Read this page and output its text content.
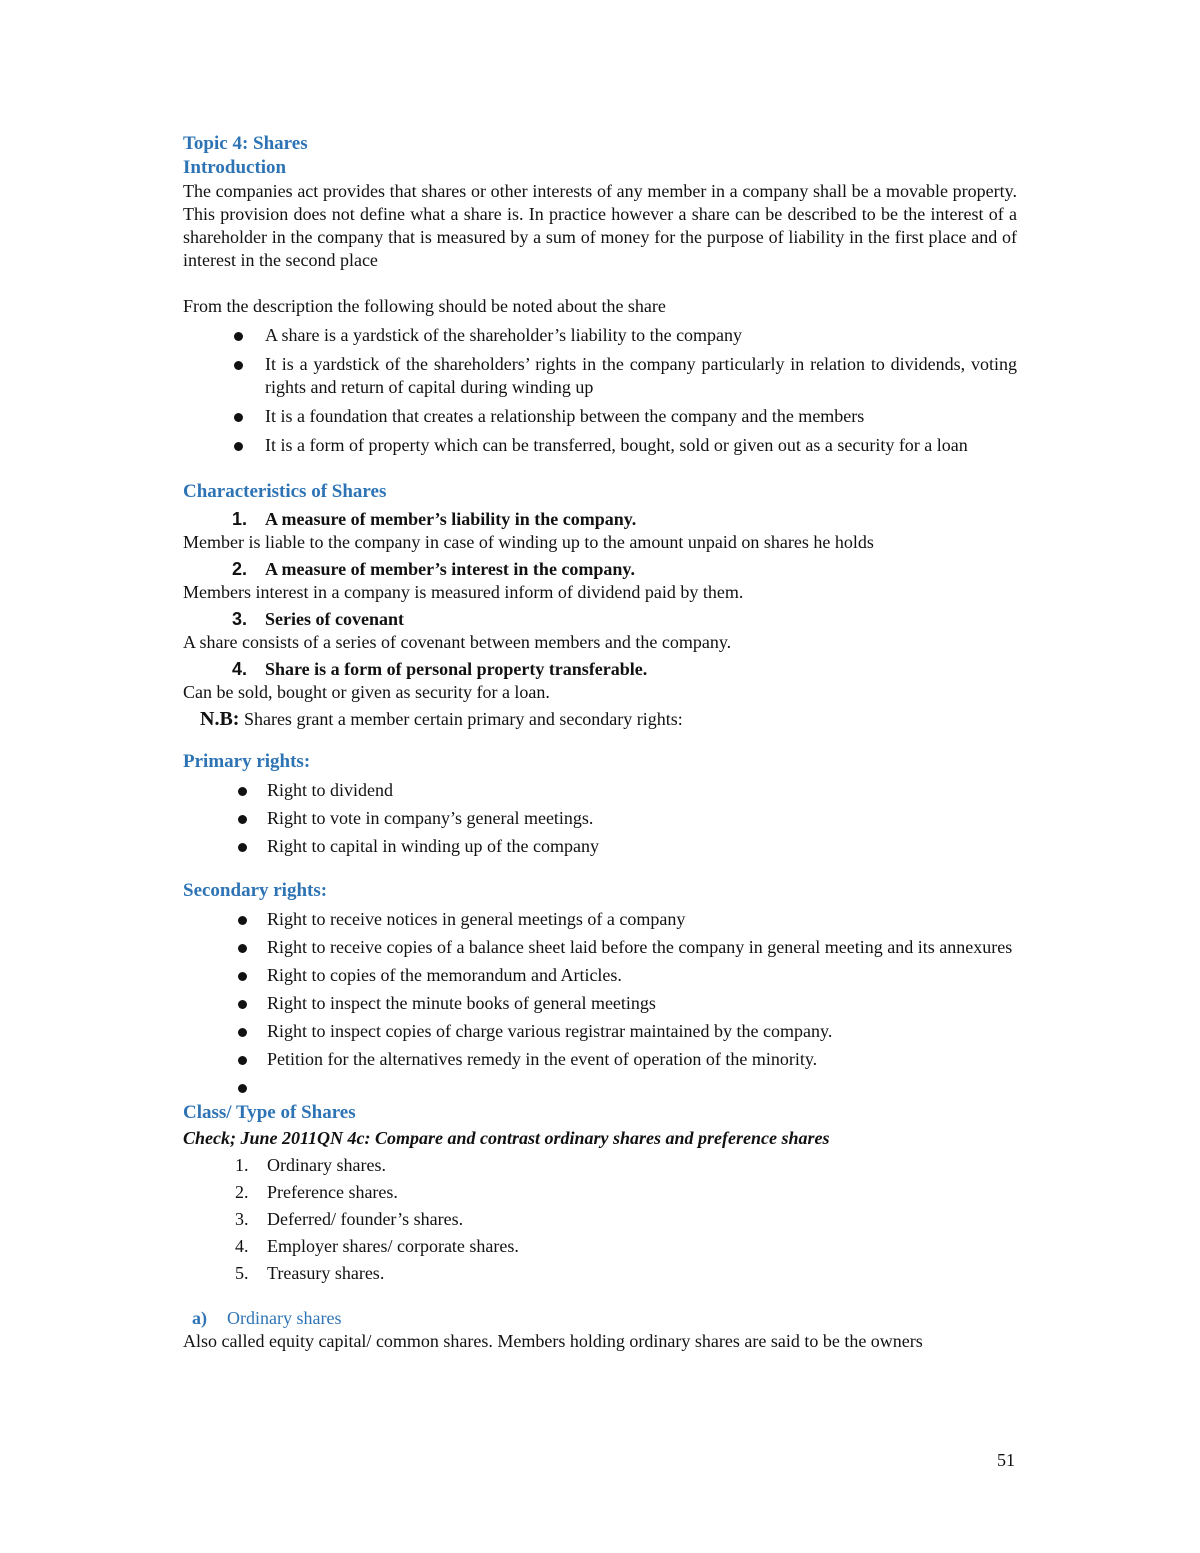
Topic 4: Shares
Introduction

The companies act provides that shares or other interests of any member in a company shall be a movable property. This provision does not define what a share is. In practice however a share can be described to be the interest of a shareholder in the company that is measured by a sum of money for the purpose of liability in the first place and of interest in the second place

From the description the following should be noted about the share

A share is a yardstick of the shareholder’s liability to the company
It is a yardstick of the shareholders’ rights in the company particularly in relation to dividends, voting rights and return of capital during winding up
It is a foundation that creates a relationship between the company and the members
It is a form of property which can be transferred, bought, sold or given out as a security for a loan
Characteristics of Shares
1. A measure of member’s liability in the company.

Member is liable to the company in case of winding up to the amount unpaid on shares he holds

2. A measure of member’s interest in the company.

Members interest in a company is measured inform of dividend paid by them.

3. Series of covenant

A share consists of a series of covenant between members and the company.

4. Share is a form of personal property transferable.

Can be sold, bought or given as security for a loan.

N.B: Shares grant a member certain primary and secondary rights:

Primary rights:
Right to dividend
Right to vote in company’s general meetings.
Right to capital in winding up of the company
Secondary rights:
Right to receive notices in general meetings of a company
Right to receive copies of a balance sheet laid before the company in general meeting and its annexures
Right to copies of the memorandum and Articles.
Right to inspect the minute books of general meetings
Right to inspect copies of charge various registrar maintained by the company.
Petition for the alternatives remedy in the event of operation of the minority.
Class/ Type of Shares

Check; June 2011QN 4c: Compare and contrast ordinary shares and preference shares

1. Ordinary shares.
2. Preference shares.
3. Deferred/ founder’s shares.
4. Employer shares/ corporate shares.
5. Treasury shares.

a) Ordinary shares

Also called equity capital/ common shares. Members holding ordinary shares are said to be the owners

51
